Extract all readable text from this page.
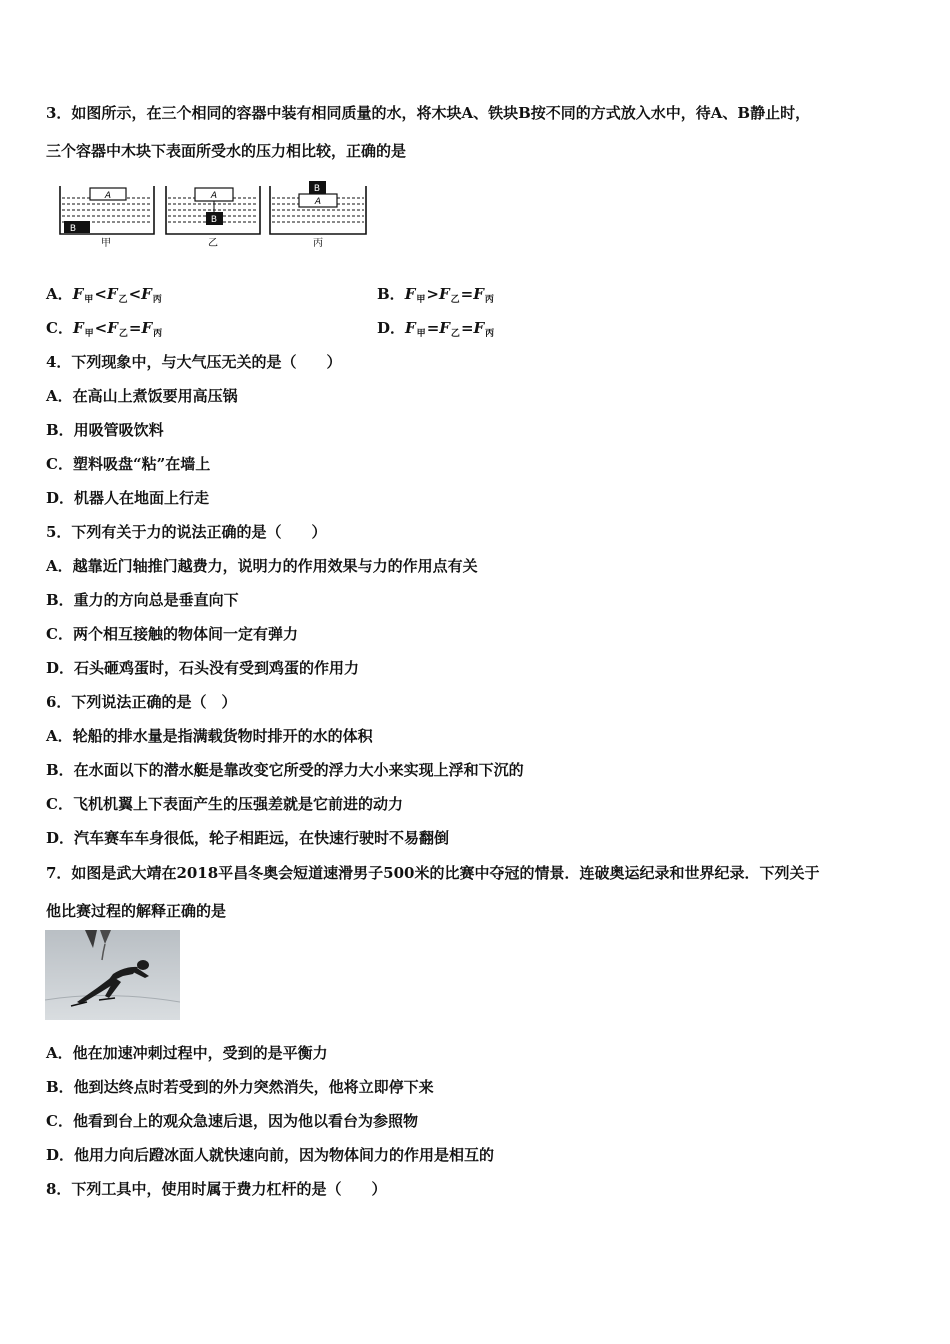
3．如图所示，在三个相同的容器中装有相同质量的水，将木块A、铁块B按不同的方式放入水中，待A、B静止时，
三个容器中木块下表面所受水的压力相比较，正确的是
A
B
甲
A
B
乙
A
B
丙
A．$F_甲<F_乙<F_丙$	B．$F_甲>F_乙=F_丙$
C．$F_甲<F_乙=F_丙$	D．$F_甲=F_乙=F_丙$
4．下列现象中，与大气压无关的是（　　）
A．在高山上煮饭要用高压锅
B．用吸管吸饮料
C．塑料吸盘“粘”在墙上
D．机器人在地面上行走
5．下列有关于力的说法正确的是（　　）
A．越靠近门轴推门越费力，说明力的作用效果与力的作用点有关
B．重力的方向总是垂直向下
C．两个相互接触的物体间一定有弹力
D．石头砸鸡蛋时，石头没有受到鸡蛋的作用力
6．下列说法正确的是（　）
A．轮船的排水量是指满载货物时排开的水的体积
B．在水面以下的潜水艇是靠改变它所受的浮力大小来实现上浮和下沉的
C．飞机机翼上下表面产生的压强差就是它前进的动力
D．汽车赛车车身很低，轮子相距远，在快速行驶时不易翻倒
7．如图是武大靖在2018平昌冬奥会短道速滑男子500米的比赛中夺冠的情景．连破奥运纪录和世界纪录．下列关于
他比赛过程的解释正确的是
A．他在加速冲刺过程中，受到的是平衡力
B．他到达终点时若受到的外力突然消失，他将立即停下来
C．他看到台上的观众急速后退，因为他以看台为参照物
D．他用力向后蹬冰面人就快速向前，因为物体间力的作用是相互的
8．下列工具中，使用时属于费力杠杆的是（　　）
